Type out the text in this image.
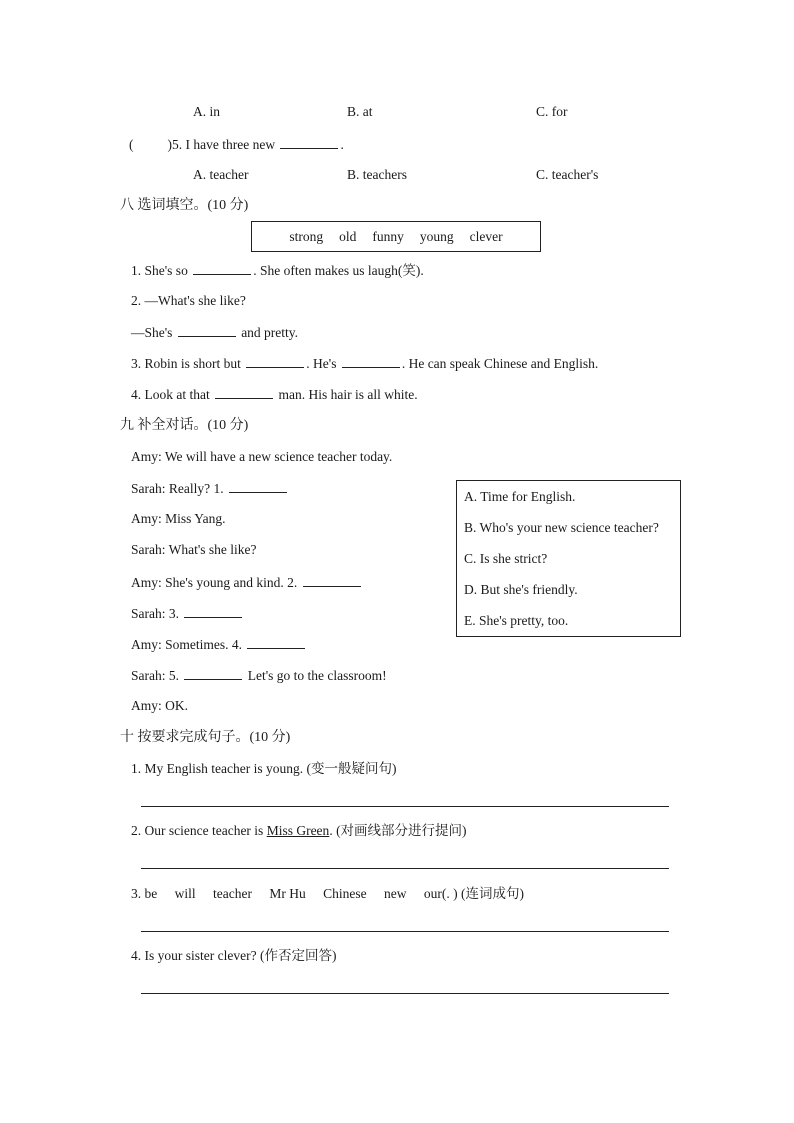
A. in	B. at	C. for
(	)5. I have three new	.
A. teacher	B. teachers	C. teacher's
八 选词填空。(10 分)
strong old funny young clever
1. She's so	. She often makes us laugh(笑).
2. —What's she like?
—She's	and pretty.
3. Robin is short but	. He's	. He can speak Chinese and English.
4. Look at that	man. His hair is all white.
九 补全对话。(10 分)
Amy: We will have a new science teacher today.
Sarah: Really? 1.
Amy: Miss Yang.
Sarah: What's she like?
Amy: She's young and kind. 2.
Sarah: 3.
Amy: Sometimes. 4.
Sarah: 5.	Let's go to the classroom!
Amy: OK.
A. Time for English.
B. Who's your new science teacher?
C. Is she strict?
D. But she's friendly.
E. She's pretty, too.
十 按要求完成句子。(10 分)
1. My English teacher is young. (变一般疑问句)
2. Our science teacher is Miss Green. (对画线部分进行提问)
3. be will teacher Mr Hu Chinese new our(. ) (连词成句)
4. Is your sister clever? (作否定回答)
